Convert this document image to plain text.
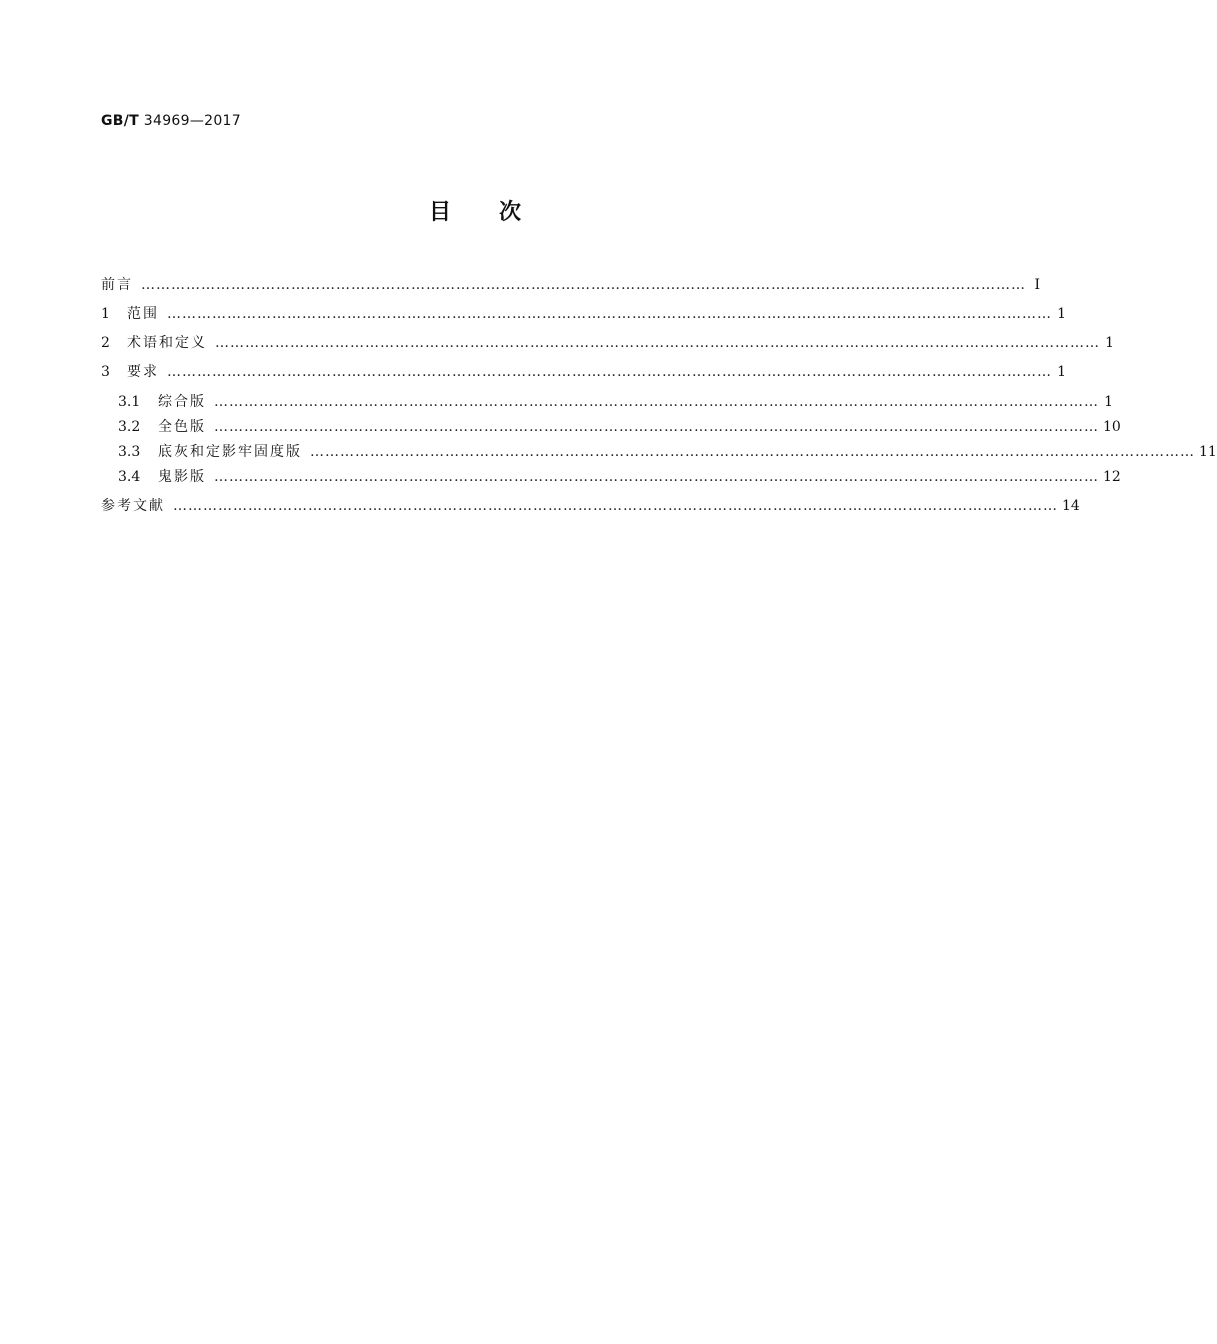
GB/T 34969—2017
目 次
前言 …………………………………………………………………………………………………………………………………………………………… Ⅰ
1	范围 …………………………………………………………………………………………………………………………………………………………… 1
2	术语和定义 …………………………………………………………………………………………………………………………………………………………… 1
3	要求 …………………………………………………………………………………………………………………………………………………………… 1
3.1	综合版 …………………………………………………………………………………………………………………………………………………………… 1
3.2	全色版 …………………………………………………………………………………………………………………………………………………………… 10
3.3	底灰和定影牢固度版 …………………………………………………………………………………………………………………………………………………………… 11
3.4	鬼影版 …………………………………………………………………………………………………………………………………………………………… 12
参考文献 …………………………………………………………………………………………………………………………………………………………… 14
